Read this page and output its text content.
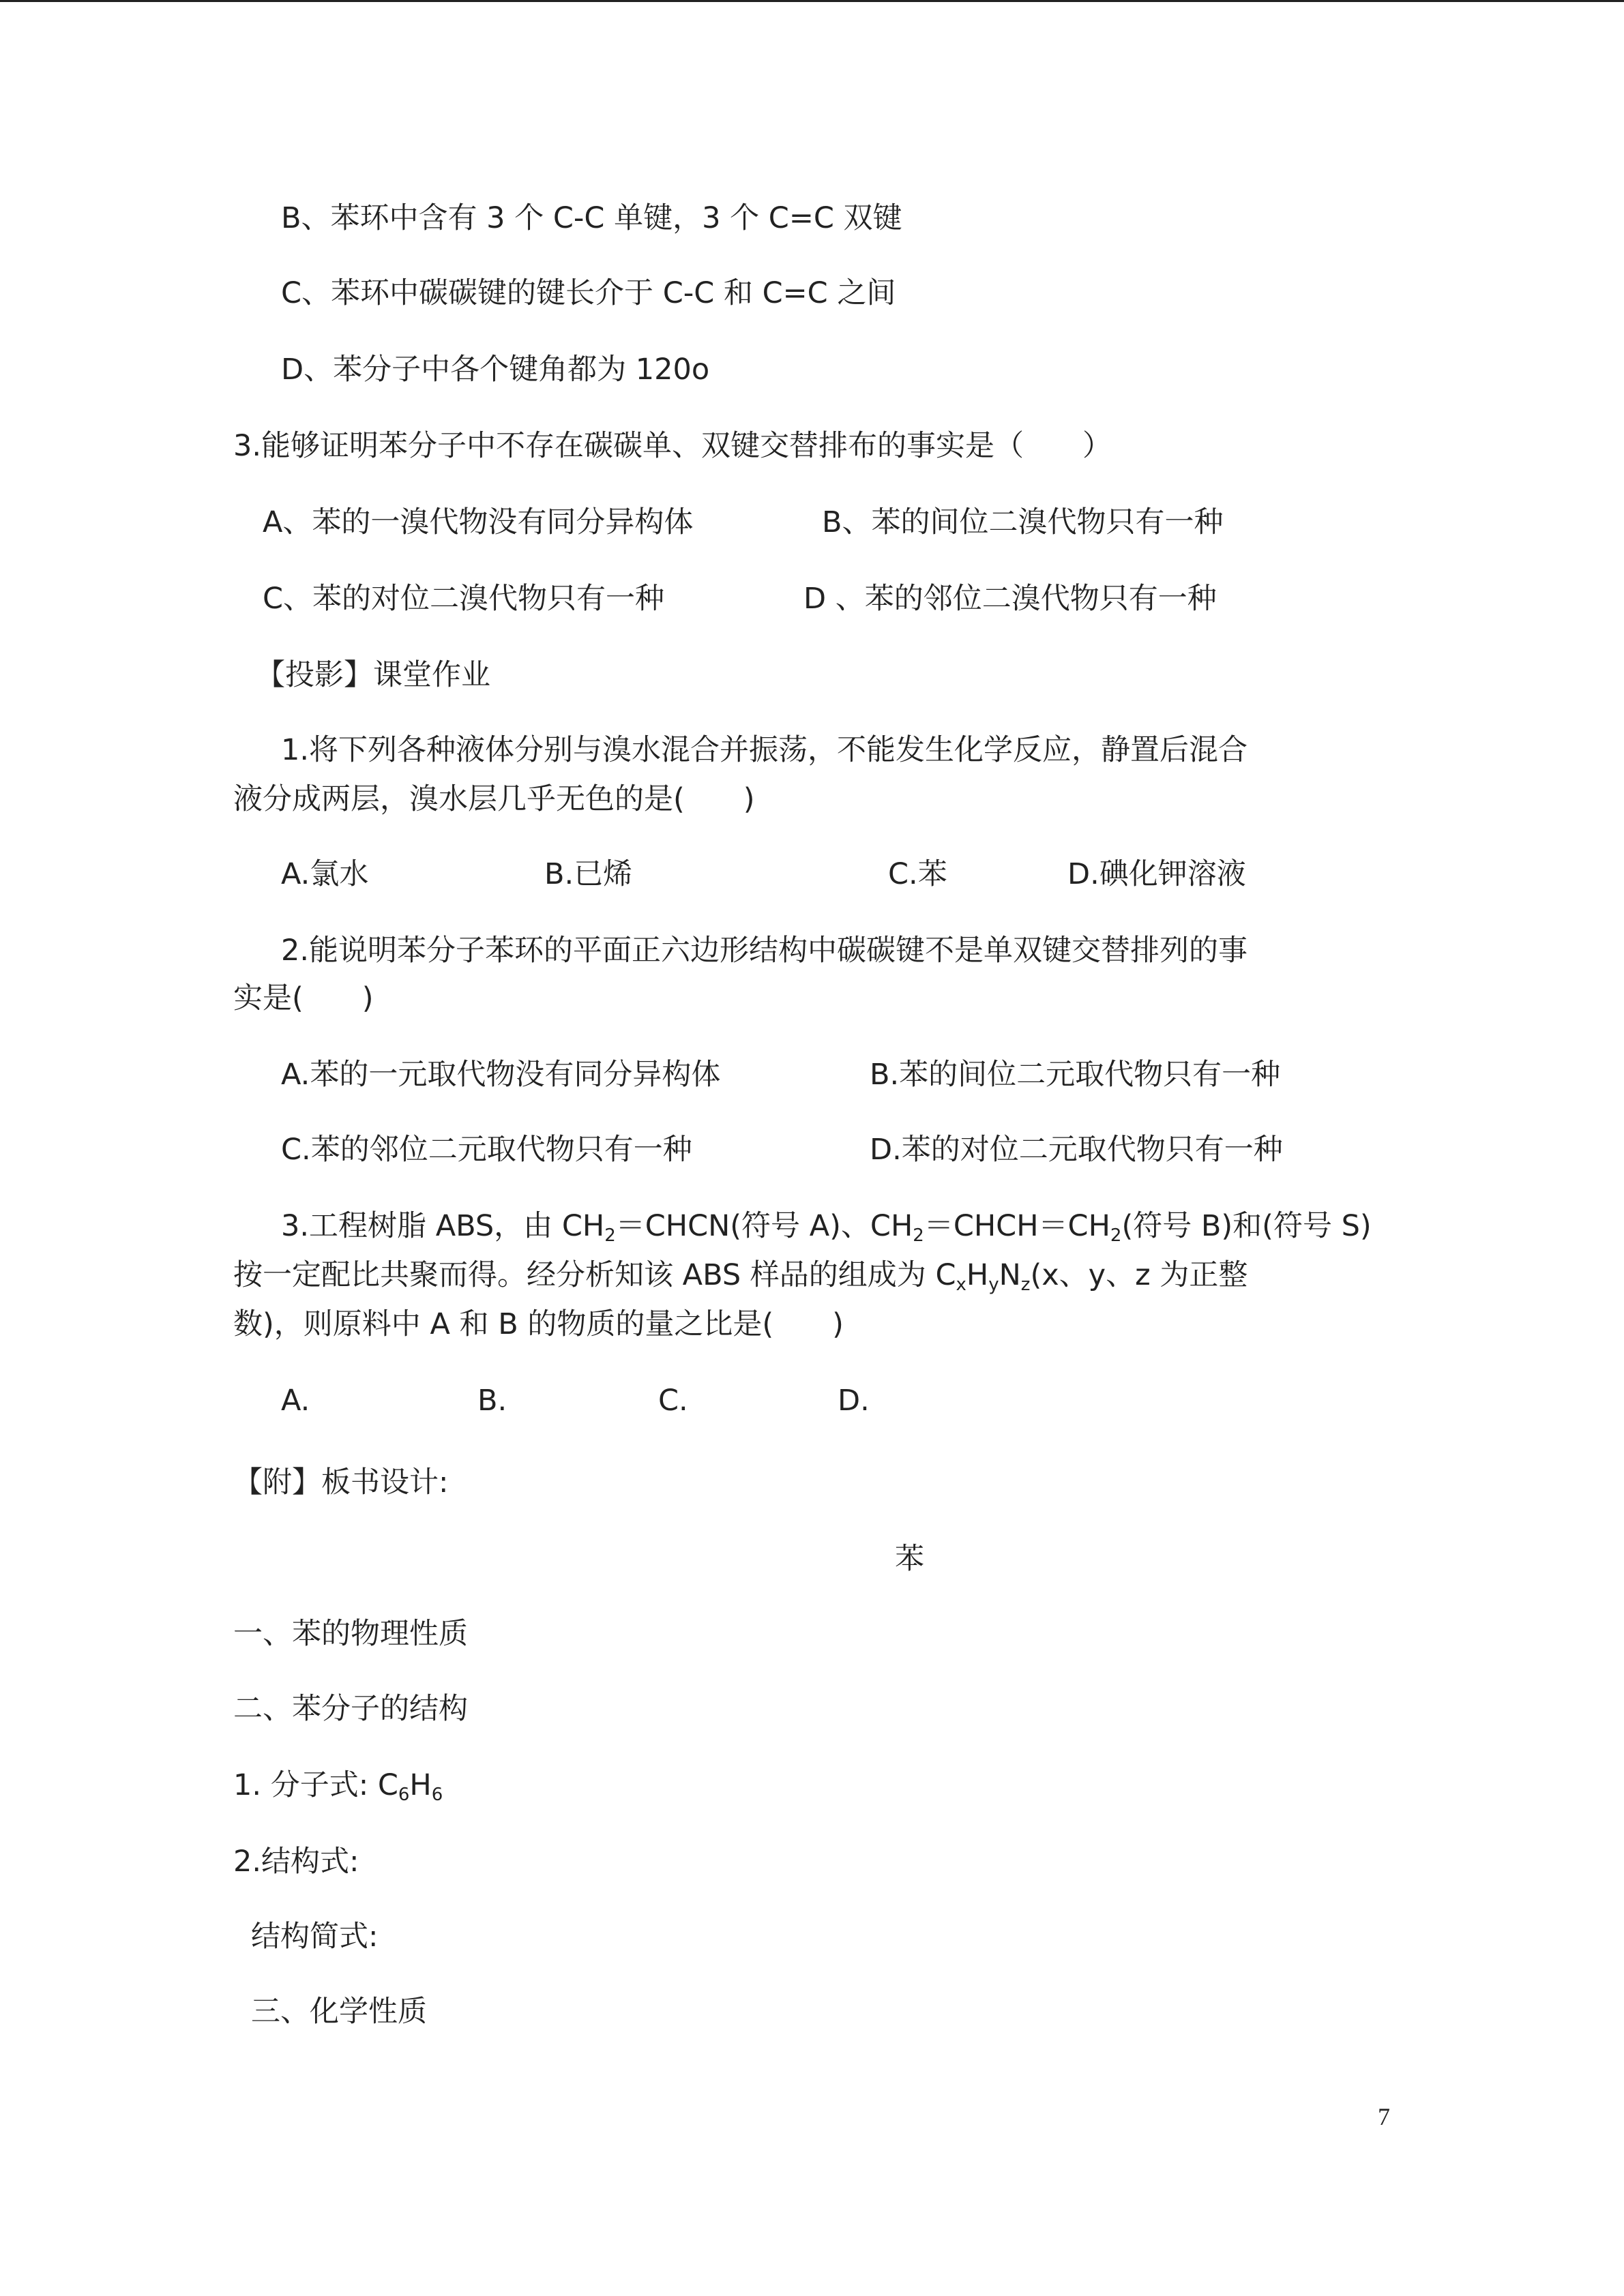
B、苯环中含有 3 个 C-C 单键，3 个 C=C 双键

C、苯环中碳碳键的键长介于 C-C 和 C=C 之间

D、苯分子中各个键角都为 120o

3.能够证明苯分子中不存在碳碳单、双键交替排布的事实是（　　）

A、苯的一溴代物没有同分异构体	B、苯的间位二溴代物只有一种

C、苯的对位二溴代物只有一种	D 、苯的邻位二溴代物只有一种

【投影】课堂作业

1.将下列各种液体分别与溴水混合并振荡，不能发生化学反应，静置后混合

液分成两层，溴水层几乎无色的是(　　)

A.氯水	B.已烯	C.苯	D.碘化钾溶液

2.能说明苯分子苯环的平面正六边形结构中碳碳键不是单双键交替排列的事

实是(　　)

A.苯的一元取代物没有同分异构体	B.苯的间位二元取代物只有一种

C.苯的邻位二元取代物只有一种	D.苯的对位二元取代物只有一种

3.工程树脂 ABS，由 $CH_2=CHCN$(符号 A)、$CH_2=CHCH=CH_2$(符号 B)和(符号 S)

按一定配比共聚而得。经分析知该 ABS 样品的组成为 $C_xH_yN_z(x$、y、z 为正整

数)，则原料中 A 和 B 的物质的量之比是(　　)

A.	B.	C.	D.

【附】板书设计:

苯

一、苯的物理性质

二、苯分子的结构

1. 分子式: $C_6H_6$

2.结构式:

结构简式:

三、化学性质

7
